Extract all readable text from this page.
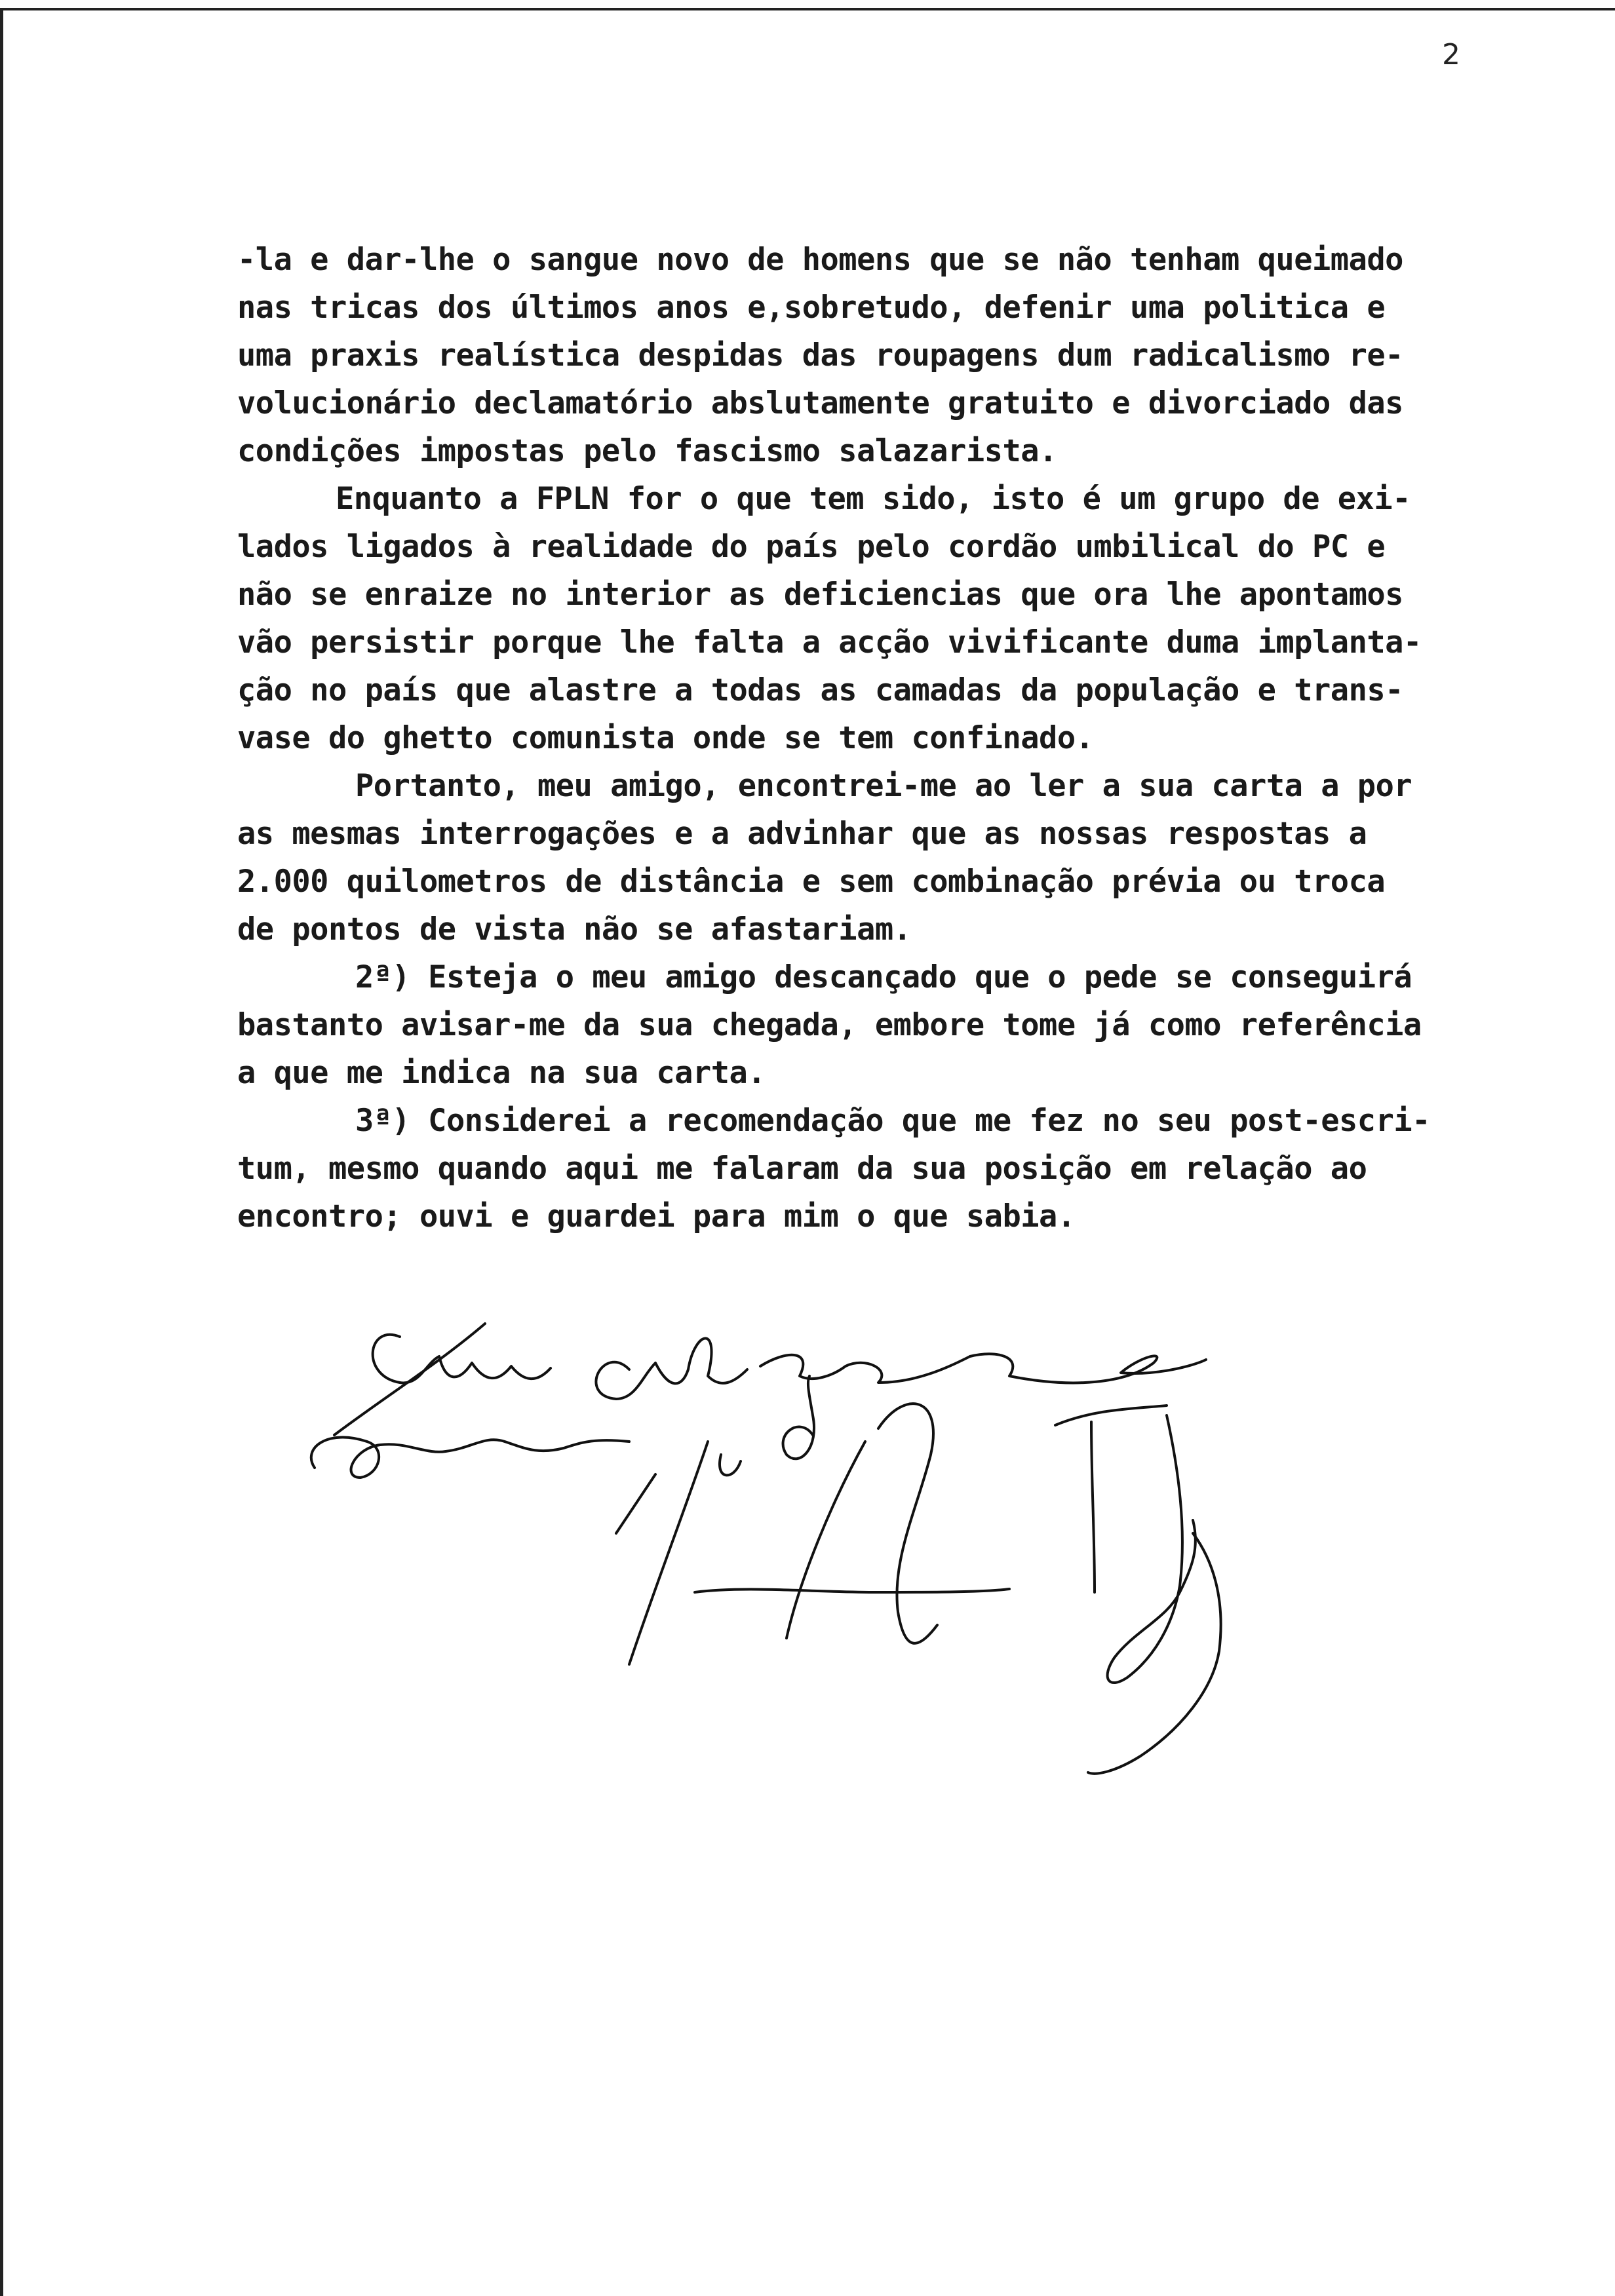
2
-la e dar-lhe o sangue novo de homens que se não tenham queimado
nas tricas dos últimos anos e,sobretudo, defenir uma politica e
uma praxis realística despidas das roupagens dum radicalismo re-
volucionário declamatório abslutamente gratuito e divorciado das
condições impostas pelo fascismo salazarista.
Enquanto a FPLN for o que tem sido, isto é um grupo de exi-
lados ligados à realidade do país pelo cordão umbilical do PC e
não se enraize no interior as deficiencias que ora lhe apontamos
vão persistir porque lhe falta a acção vivificante duma implanta-
ção no país que alastre a todas as camadas da população e trans-
vase do ghetto comunista onde se tem confinado.
Portanto, meu amigo, encontrei-me ao ler a sua carta a por
as mesmas interrogações e a advinhar que as nossas respostas a
2.000 quilometros de distância e sem combinação prévia ou troca
de pontos de vista não se afastariam.
2ª) Esteja o meu amigo descançado que o pede se conseguirá
bastanto avisar-me da sua chegada, embore tome já como referência
a que me indica na sua carta.
3ª) Considerei a recomendação que me fez no seu post-escri-
tum, mesmo quando aqui me falaram da sua posição em relação ao
encontro; ouvi e guardei para mim o que sabia.
